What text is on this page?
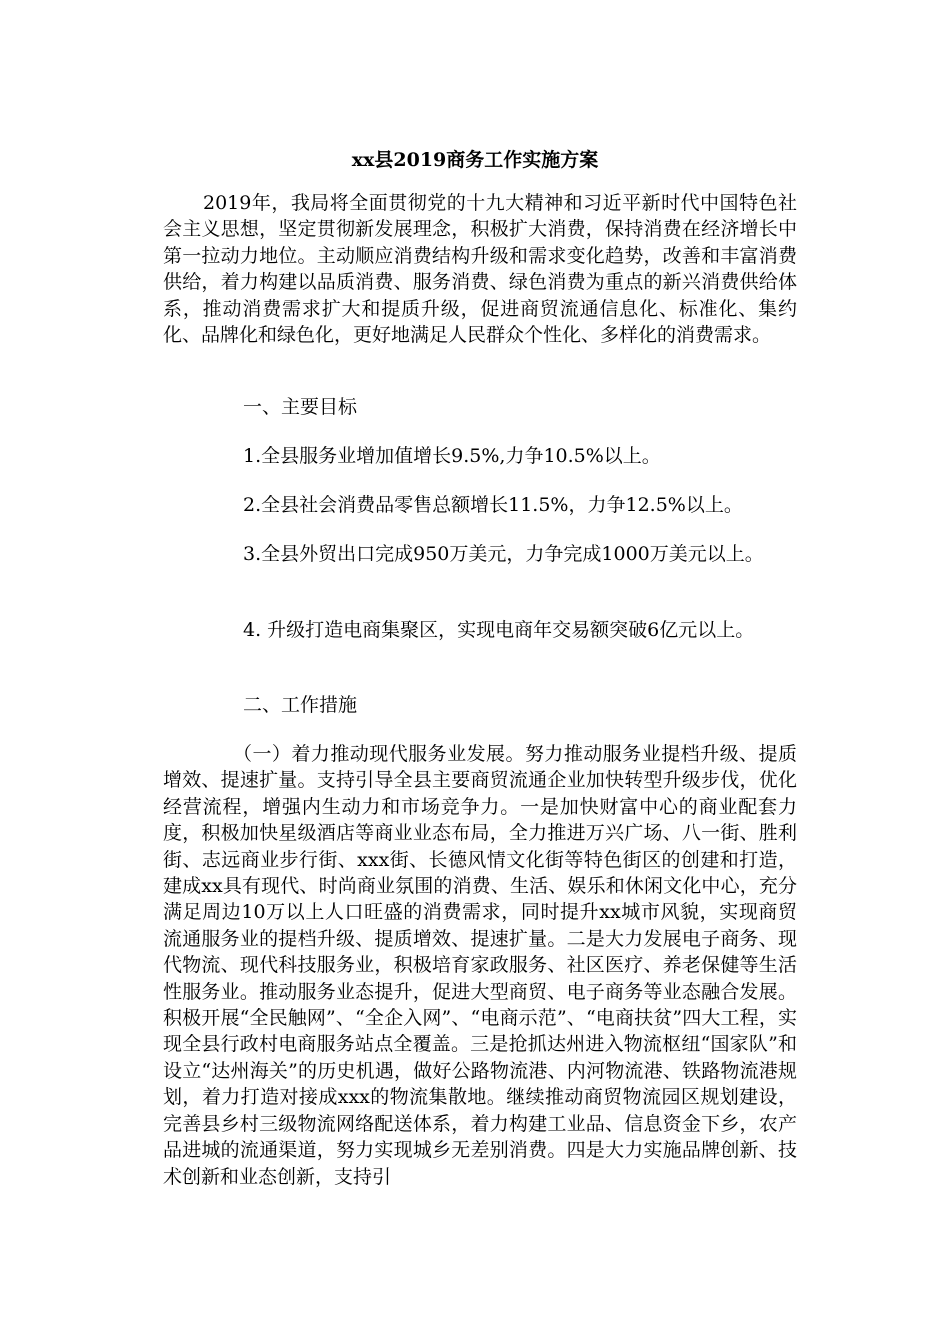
xx县2019商务工作实施方案

2019年，我局将全面贯彻党的十九大精神和习近平新时代中国特色社会主义思想，坚定贯彻新发展理念，积极扩大消费，保持消费在经济增长中第一拉动力地位。主动顺应消费结构升级和需求变化趋势，改善和丰富消费供给，着力构建以品质消费、服务消费、绿色消费为重点的新兴消费供给体系，推动消费需求扩大和提质升级，促进商贸流通信息化、标准化、集约化、品牌化和绿色化，更好地满足人民群众个性化、多样化的消费需求。

一、主要目标

1.全县服务业增加值增长9.5%,力争10.5%以上。

2.全县社会消费品零售总额增长11.5%，力争12.5%以上。

3.全县外贸出口完成950万美元，力争完成1000万美元以上。

4. 升级打造电商集聚区，实现电商年交易额突破6亿元以上。

二、工作措施

（一）着力推动现代服务业发展。努力推动服务业提档升级、提质增效、提速扩量。支持引导全县主要商贸流通企业加快转型升级步伐，优化经营流程，增强内生动力和市场竞争力。一是加快财富中心的商业配套力度，积极加快星级酒店等商业业态布局，全力推进万兴广场、八一街、胜利街、志远商业步行街、xxx街、长德风情文化街等特色街区的创建和打造，建成xx具有现代、时尚商业氛围的消费、生活、娱乐和休闲文化中心，充分满足周边10万以上人口旺盛的消费需求，同时提升xx城市风貌，实现商贸流通服务业的提档升级、提质增效、提速扩量。二是大力发展电子商务、现代物流、现代科技服务业，积极培育家政服务、社区医疗、养老保健等生活性服务业。推动服务业态提升，促进大型商贸、电子商务等业态融合发展。积极开展“全民触网”、“全企入网”、“电商示范”、“电商扶贫”四大工程，实现全县行政村电商服务站点全覆盖。三是抢抓达州进入物流枢纽“国家队”和设立“达州海关”的历史机遇，做好公路物流港、内河物流港、铁路物流港规划，着力打造对接成xxx的物流集散地。继续推动商贸物流园区规划建设，完善县乡村三级物流网络配送体系，着力构建工业品、信息资金下乡，农产品进城的流通渠道，努力实现城乡无差别消费。四是大力实施品牌创新、技术创新和业态创新，支持引
